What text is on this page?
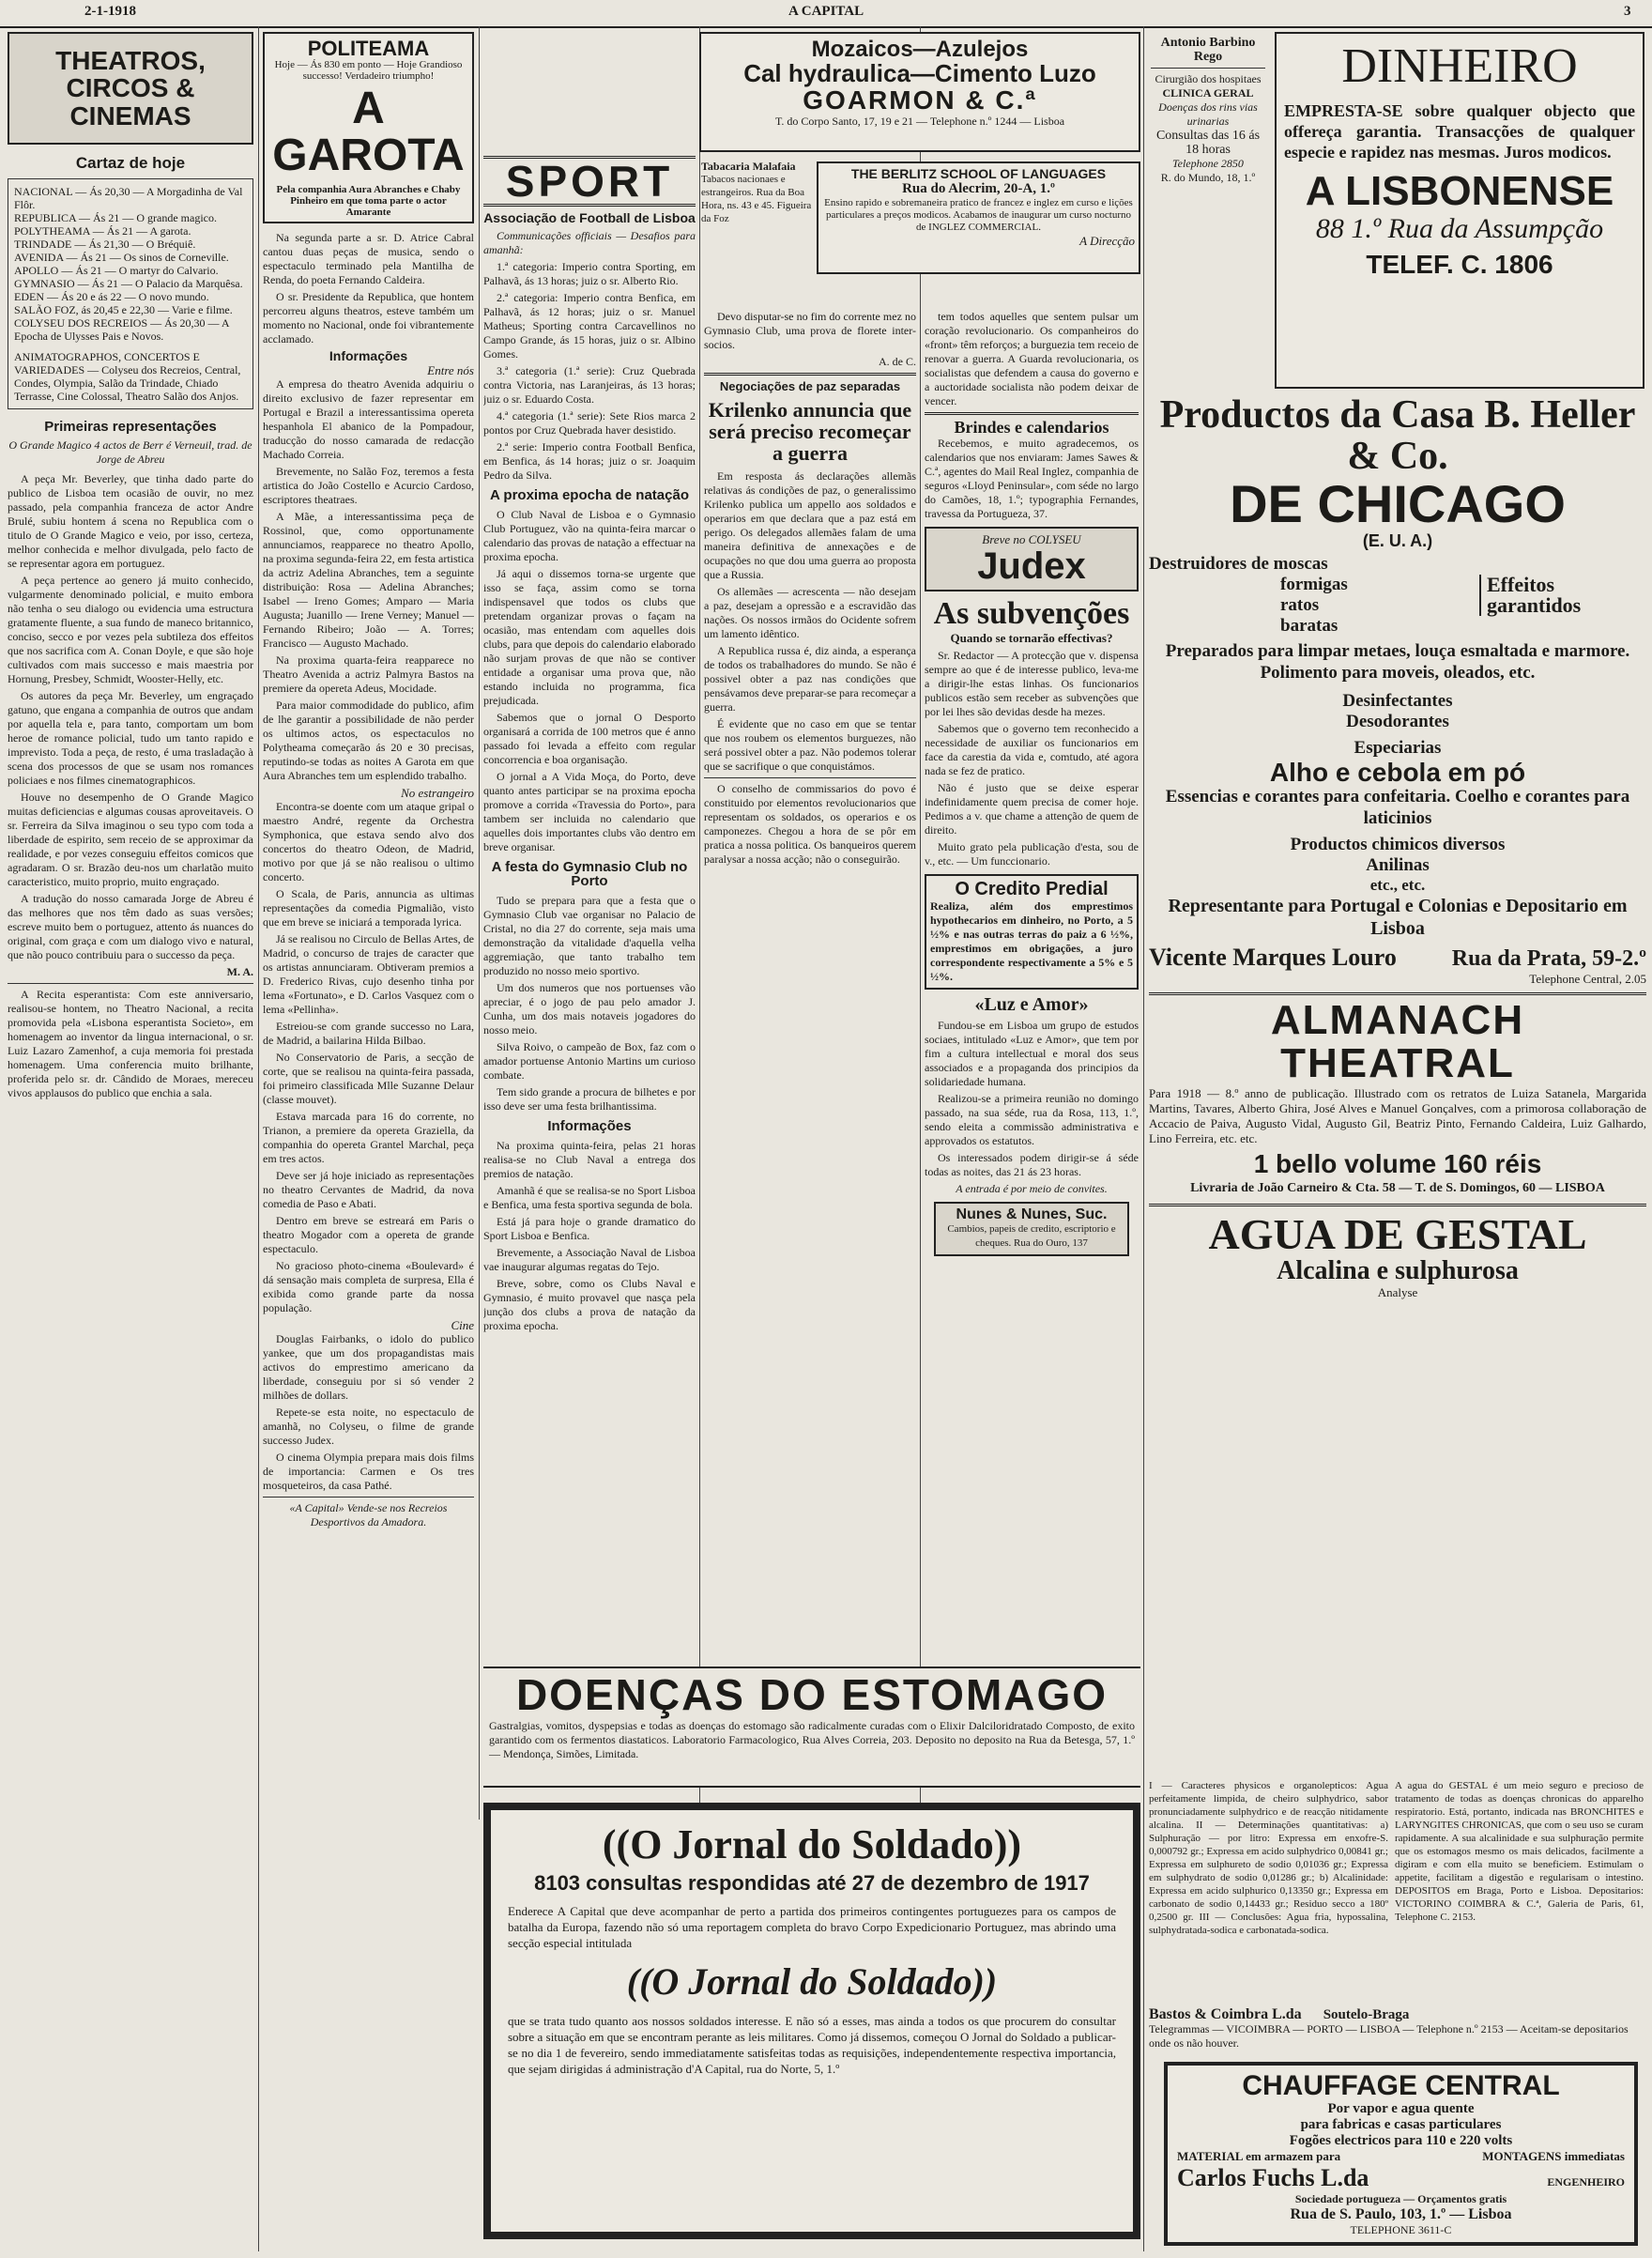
2-1-1918	A CAPITAL	3
THEATROS, CIRCOS & CINEMAS
Cartaz de hoje
NACIONAL — Ás 20,30 — A Morgadinha de Val Flôr.
REPUBLICA — Ás 21 — O grande magico.
POLYTHEAMA — Ás 21 — A garota.
TRINDADE — Ás 21,30 — O Bréquiê.
AVENIDA — Ás 21 — Os sinos de Corneville.
APOLLO — Ás 21 — O martyr do Calvario.
GYMNASIO — Ás 21 — O Palacio da Marquêsa.
EDEN — Ás 20 e ás 22 — O novo mundo.
SALÃO FOZ, ás 20,45 e 22,30 — Varie e filme.
COLYSEU DOS RECREIOS — Ás 20,30 — A Epocha de Ulysses Pais e Novos.
ANIMATOGRAPHOS, CONCERTOS E VARIEDADES — Colyseu dos Recreios, Central, Condes, Olympia, Salão da Trindade, Chiado Terrasse, Cine Colossal, Theatro Salão dos Anjos.
Primeiras representações
O Grande Magico 4 actos de Berr é Verneuil, trad. de Jorge de Abreu

A peça Mr. Beverley, que tinha dado parte do publico de Lisboa tem ocasião de ouvir, no mez passado, pela companhia franceza de actor Andre Brulé, subiu hontem á scena no Republica com o titulo de O Grande Magico e veio, por isso, certeza, melhor conhecida e melhor divulgada, pelo facto de se representar agora em portuguez.

A peça pertence ao genero já muito conhecido, vulgarmente denominado policial, e muito embora não tenha o seu dialogo ou evidencia uma estructura gratamente fluente, a sua fundo de maneco britannico, conciso, secco e por vezes pela subtileza dos effeitos que nos sacrifica com A. Conan Doyle, e que são hoje cultivados com mais successo e mais maestria por Hornung, Presbey, Schmidt, Wooster-Helly, etc.

Os autores da peça Mr. Beverley, um engraçado gatuno, que engana a companhia de outros que andam por aquella tela e, para tanto, comportam um bom heroe de romance policial, tudo um tanto rapido e imprevisto. Toda a peça, de resto, é uma trasladação à scena dos processos de que se usam nos romances policiaes e nos filmes cinematographicos.

Houve no desempenho de O Grande Magico muitas deficiencias e algumas cousas aproveitaveis. O sr. Ferreira da Silva imaginou o seu typo com toda a liberdade de espirito, sem receio de se approximar da realidade, e por vezes conseguiu effeitos comicos que agradaram. O sr. Brazão deu-nos um charlatão muito caracteristico, muito proprio, muito engraçado.

A tradução do nosso camarada Jorge de Abreu é das melhores que nos têm dado as suas versões; escreve muito bem o portuguez, attento ás nuances do original, com graça e com um dialogo vivo e natural, que não pouco contribuiu para o successo da peça.

M. A.

A Recita esperantista: Com este anniversario, realisou-se hontem, no Theatro Nacional, a recita promovida pela «Lisbona esperantista Societo», em homenagem ao inventor da lingua internacional, o sr. Luiz Lazaro Zamenhof, a cuja memoria foi prestada homenagem. Uma conferencia muito brilhante, proferida pelo sr. dr. Cândido de Moraes, mereceu vivos applausos do publico que enchia a sala.

POLITEAMA
Hoje — Ás 830 em ponto — Hoje Grandioso successo! Verdadeiro triumpho!
A GAROTA
Pela companhia Aura Abranches e Chaby Pinheiro em que toma parte o actor Amarante

Na segunda parte a sr. D. Atrice Cabral cantou duas peças de musica, sendo o espectaculo terminado pela Mantilha de Renda, do poeta Fernando Caldeira.

O sr. Presidente da Republica, que hontem percorreu alguns theatros, esteve também um momento no Nacional, onde foi vibrantemente acclamado.

Informações
Entre nós

A empresa do theatro Avenida adquiriu o direito exclusivo de fazer representar em Portugal e Brazil a interessantissima opereta hespanhola El abanico de la Pompadour, traducção do nosso camarada de redacção Machado Correia.

Brevemente, no Salão Foz, teremos a festa artistica do João Costello e Acurcio Cardoso, escriptores theatraes.

A Mãe, a interessantissima peça de Rossinol, que, como opportunamente annunciamos, reapparece no theatro Apollo, na proxima segunda-feira 22, em festa artistica da actriz Adelina Abranches, tem a seguinte distribuição: Rosa — Adelina Abranches; Isabel — Ireno Gomes; Amparo — Maria Augusta; Juanillo — Irene Verney; Manuel — Fernando Ribeiro; João — A. Torres; Francisco — Augusto Machado.

Na proxima quarta-feira reapparece no Theatro Avenida a actriz Palmyra Bastos na premiere da opereta Adeus, Mocidade.

Para maior commodidade do publico, afim de lhe garantir a possibilidade de não perder os ultimos actos, os espectaculos no Polytheama começarão ás 20 e 30 precisas, reputindo-se todas as noites A Garota em que Aura Abranches tem um esplendido trabalho.

No estrangeiro

Encontra-se doente com um ataque gripal o maestro André, regente da Orchestra Symphonica, que estava sendo alvo dos concertos do theatro Odeon, de Madrid, motivo por que já se não realisou o ultimo concerto.

O Scala, de Paris, annuncia as ultimas representações da comedia Pigmalião, visto que em breve se iniciará a temporada lyrica.

Já se realisou no Circulo de Bellas Artes, de Madrid, o concurso de trajes de caracter que os artistas annunciaram. Obtiveram premios a D. Frederico Rivas, cujo desenho tinha por lema «Fortunato», e D. Carlos Vasquez com o lema «Pellinha».

Estreiou-se com grande successo no Lara, de Madrid, a bailarina Hilda Bilbao.

No Conservatorio de Paris, a secção de corte, que se realisou na quinta-feira passada, foi primeiro classificada Mlle Suzanne Delaur (classe mouvet).

Estava marcada para 16 do corrente, no Trianon, a premiere da opereta Graziella, da companhia do opereta Grantel Marchal, peça em tres actos.

Deve ser já hoje iniciado as representações no theatro Cervantes de Madrid, da nova comedia de Paso e Abati.

Dentro em breve se estreará em Paris o theatro Mogador com a opereta de grande espectaculo.

No gracioso photo-cinema «Boulevard» é dá sensação mais completa de surpresa, Ella é exibida como grande parte da nossa população.

Cine

Douglas Fairbanks, o idolo do publico yankee, que um dos propagandistas mais activos do emprestimo americano da liberdade, conseguiu por si só vender 2 milhões de dollars.

Repete-se esta noite, no espectaculo de amanhã, no Colyseu, o filme de grande successo Judex.

O cinema Olympia prepara mais dois films de importancia: Carmen e Os tres mosqueteiros, da casa Pathé.

«A Capital» Vende-se nos Recreios Desportivos da Amadora.
Mozaicos—Azulejos
Cal hydraulica—Cimento Luzo
GOARMON & C.ª
T. do Corpo Santo, 17, 19 e 21 — Telephone n.º 1244 — Lisboa
SPORT
Associação de Football de Lisboa

Communicações officiais — Desafios para amanhã:

1.ª categoria: Imperio contra Sporting, em Palhavã, ás 13 horas; juiz o sr. Alberto Rio.

2.ª categoria: Imperio contra Benfica, em Palhavã, ás 12 horas; juiz o sr. Manuel Matheus; Sporting contra Carcavellinos no Campo Grande, ás 15 horas, juiz o sr. Albino Gomes.

3.ª categoria (1.ª serie): Cruz Quebrada contra Victoria, nas Laranjeiras, ás 13 horas; juiz o sr. Eduardo Costa.

4.ª categoria (1.ª serie): Sete Rios marca 2 pontos por Cruz Quebrada haver desistido.

2.ª serie: Imperio contra Football Benfica, em Benfica, ás 14 horas; juiz o sr. Joaquim Pedro da Silva.

A proxima epocha de natação

O Club Naval de Lisboa e o Gymnasio Club Portuguez, vão na quinta-feira marcar o calendario das provas de natação a effectuar na proxima epocha.

Já aqui o dissemos torna-se urgente que isso se faça, assim como se torna indispensavel que todos os clubs que pretendam organizar provas o façam na ocasião, mas entendam com aquelles dois clubs, para que depois do calendario elaborado não surjam provas de que não se contiver entidade a organisar uma prova que, não estando incluida no programma, fica prejudicada.

Sabemos que o jornal O Desporto organisará a corrida de 100 metros que é anno passado foi levada a effeito com regular concorrencia e boa organisação.

O jornal a A Vida Moça, do Porto, deve quanto antes participar se na proxima epocha promove a corrida «Travessia do Porto», para tambem ser incluida no calendario que aquelles dois importantes clubs vão dentro em breve organisar.

A festa do Gymnasio Club no Porto

Tudo se prepara para que a festa que o Gymnasio Club vae organisar no Palacio de Cristal, no dia 27 do corrente, seja mais uma demonstração da vitalidade d'aquella velha aggremiação, que tanto trabalho tem produzido no nosso meio sportivo.

Um dos numeros que nos portuenses vão apreciar, é o jogo de pau pelo amador J. Cunha, um dos mais notaveis jogadores do nosso meio.

Silva Roivo, o campeão de Box, faz com o amador portuense Antonio Martins um curioso combate.

Tem sido grande a procura de bilhetes e por isso deve ser uma festa brilhantissima.

Informações

Na proxima quinta-feira, pelas 21 horas realisa-se no Club Naval a entrega dos premios de natação.

Amanhã é que se realisa-se no Sport Lisboa e Benfica, uma festa sportiva segunda de bola.

Está já para hoje o grande dramatico do Sport Lisboa e Benfica.

Brevemente, a Associação Naval de Lisboa vae inaugurar algumas regatas do Tejo.

Breve, sobre, como os Clubs Naval e Gymnasio, é muito provavel que nasça pela junção dos clubs a prova de natação da proxima epocha.

Tabacaria Malafaia
Tabacos nacionaes e estrangeiros. Rua da Boa Hora, ns. 43 e 45. Figueira da Foz
THE BERLITZ SCHOOL OF LANGUAGES
Rua do Alecrim, 20-A, 1.º
Ensino rapido e sobremaneira pratico de francez e inglez em curso e lições particulares a preços modicos. Acabamos de inaugurar um curso nocturno de INGLEZ COMMERCIAL.
A Direcção

Devo disputar-se no fim do corrente mez no Gymnasio Club, uma prova de florete inter-socios.

A. de C.
Negociações de paz separadas
Krilenko annuncia que será preciso recomeçar a guerra

Em resposta ás declarações allemãs relativas ás condições de paz, o generalissimo Krilenko publica um appello aos soldados e operarios em que declara que a paz está em perigo. Os delegados allemães falam de uma maneira definitiva de annexações e de ocupações no que dou uma guerra ao proposta que a Russia.

Os allemães — acrescenta — não desejam a paz, desejam a opressão e a escravidão das nações. Os nossos irmãos do Ocidente sofrem um lamento idêntico.

A Republica russa é, diz ainda, a esperança de todos os trabalhadores do mundo. Se não é possivel obter a paz nas condições que pensávamos deve preparar-se para recomeçar a guerra.

É evidente que no caso em que se tentar que nos roubem os elementos burguezes, não será possivel obter a paz. Não podemos tolerar que se sacrifique o que conquistámos.

O conselho de commissarios do povo é constituido por elementos revolucionarios que representam os soldados, os operarios e os camponezes. Chegou a hora de se pôr em pratica a nossa politica. Os banqueiros querem paralysar a nossa acção; não o conseguirão.

tem todos aquelles que sentem pulsar um coração revolucionario. Os companheiros do «front» têm reforços; a burguezia tem receio de renovar a guerra. A Guarda revolucionaria, os socialistas que defendem a causa do governo e a auctoridade socialista não podem deixar de vencer.

Brindes e calendarios

Recebemos, e muito agradecemos, os calendarios que nos enviaram: James Sawes & C.ª, agentes do Mail Real Inglez, companhia de seguros «Lloyd Peninsular», com séde no largo do Camões, 18, 1.º; typographia Fernandes, travessa da Portugueza, 37.

Breve no COLYSEU
Judex
As subvenções
Quando se tornarão effectivas?

Sr. Redactor — A protecção que v. dispensa sempre ao que é de interesse publico, leva-me a dirigir-lhe estas linhas. Os funcionarios publicos estão sem receber as subvenções que por lei lhes são devidas desde ha mezes.

Sabemos que o governo tem reconhecido a necessidade de auxiliar os funcionarios em face da carestia da vida e, comtudo, até agora nada se fez de pratico.

Não é justo que se deixe esperar indefinidamente quem precisa de comer hoje. Pedimos a v. que chame a attenção de quem de direito.

Muito grato pela publicação d'esta, sou de v., etc. — Um funccionario.

O Credito Predial
Realiza, além dos emprestimos hypothecarios em dinheiro, no Porto, a 5 ½% e nas outras terras do paiz a 6 ½%, emprestimos em obrigações, a juro correspondente respectivamente a 5% e 5 ½%.
«Luz e Amor»

Fundou-se em Lisboa um grupo de estudos sociaes, intitulado «Luz e Amor», que tem por fim a cultura intellectual e moral dos seus associados e a propaganda dos principios da solidariedade humana.

Realizou-se a primeira reunião no domingo passado, na sua séde, rua da Rosa, 113, 1.º, sendo eleita a commissão administrativa e approvados os estatutos.

Os interessados podem dirigir-se á séde todas as noites, das 21 ás 23 horas.

A entrada é por meio de convites.
Nunes & Nunes, Suc.
Cambios, papeis de credito, escriptorio e cheques. Rua do Ouro, 137
DOENÇAS DO ESTOMAGO
Gastralgias, vomitos, dyspepsias e todas as doenças do estomago são radicalmente curadas com o Elixir Dalciloridratado Composto, de exito garantido com os fermentos diastaticos. Laboratorio Farmacologico, Rua Alves Correia, 203. Deposito no deposito na Rua da Betesga, 57, 1.º — Mendonça, Simões, Limitada.
((O Jornal do Soldado))
8103 consultas respondidas até 27 de dezembro de 1917
Enderece A Capital que deve acompanhar de perto a partida dos primeiros contingentes portuguezes para os campos de batalha da Europa, fazendo não só uma reportagem completa do bravo Corpo Expedicionario Portuguez, mas abrindo uma secção especial intitulada
((O Jornal do Soldado))
que se trata tudo quanto aos nossos soldados interesse. E não só a esses, mas ainda a todos os que procurem do consultar sobre a situação em que se encontram perante as leis militares. Como já dissemos, começou O Jornal do Soldado a publicar-se no dia 1 de fevereiro, sendo immediatamente satisfeitas todas as requisições, independentemente respectiva importancia, que sejam dirigidas á administração d'A Capital, rua do Norte, 5, 1.º
Antonio Barbino Rego
Cirurgião dos hospitaes
CLINICA GERAL
Doenças dos rins vias urinarias
Consultas das 16 ás 18 horas
Telephone 2850
R. do Mundo, 18, 1.º
DINHEIRO
EMPRESTA-SE sobre qualquer objecto que offereça garantia. Transacções de qualquer especie e rapidez nas mesmas. Juros modicos.
A LISBONENSE
88 1.º Rua da Assumpção
TELEF. C. 1806
Productos da Casa B. Heller & Co.
DE CHICAGO
(E. U. A.)
Destruidores de moscas
formigas
ratos
baratas
Effeitos garantidos
Preparados para limpar metaes, louça esmaltada e marmore. Polimento para moveis, oleados, etc.
Desinfectantes
Desodorantes
Especiarias
Alho e cebola em pó
Essencias e corantes para confeitaria. Coelho e corantes para laticinios
Productos chimicos diversos
Anilinas
etc., etc.
Representante para Portugal e Colonias e Depositario em Lisboa
Vicente Marques Louro Rua da Prata, 59-2.º
Telephone Central, 2.05
ALMANACH THEATRAL
Para 1918 — 8.º anno de publicação. Illustrado com os retratos de Luiza Satanela, Margarida Martins, Tavares, Alberto Ghira, José Alves e Manuel Gonçalves, com a primorosa collaboração de Accacio de Paiva, Augusto Vidal, Augusto Gil, Beatriz Pinto, Fernando Caldeira, Luiz Galhardo, Lino Ferreira, etc. etc.
1 bello volume 160 réis
Livraria de João Carneiro & Cta. 58 — T. de S. Domingos, 60 — LISBOA
AGUA DE GESTAL
Alcalina e sulphurosa
Analyse
I — Caracteres physicos e organolepticos: Agua perfeitamente limpida, de cheiro sulphydrico, sabor pronunciadamente sulphydrico e de reacção nitidamente alcalina. II — Determinações quantitativas: a) Sulphuração — por litro: Expressa em enxofre-S. 0,000792 gr.; Expressa em acido sulphydrico 0,00841 gr.; Expressa em sulphureto de sodio 0,01036 gr.; Expressa em sulphydrato de sodio 0,01286 gr.; b) Alcalinidade: Expressa em acido sulphurico 0,13350 gr.; Expressa em carbonato de sodio 0,14433 gr.; Residuo secco a 180º 0,2500 gr. III — Conclusões: Agua fria, hypossalina, sulphydratada-sodica e carbonatada-sodica.
A agua do GESTAL é um meio seguro e precioso de tratamento de todas as doenças chronicas do apparelho respiratorio. Está, portanto, indicada nas BRONCHITES e LARYNGITES CHRONICAS, que com o seu uso se curam rapidamente. A sua alcalinidade e sua sulphuração permite que os estomagos mesmo os mais delicados, facilmente a digiram e com ella muito se beneficiem. Estimulam o appetite, facilitam a digestão e regularisam o intestino. DEPOSITOS em Braga, Porto e Lisboa. Depositarios: VICTORINO COIMBRA & C.ª, Galeria de Paris, 61, Telephone C. 2153.
Bastos & Coimbra L.da Soutelo-Braga
Telegrammas — VICOIMBRA — PORTO — LISBOA — Telephone n.º 2153 — Aceitam-se depositarios onde os não houver.
CHAUFFAGE CENTRAL
Por vapor e agua quente
para fabricas e casas particulares
Fogões electricos para 110 e 220 volts
MATERIAL em armazem para	MONTAGENS immediatas
Carlos Fuchs L.da	ENGENHEIRO
Sociedade portugueza — Orçamentos gratis
Rua de S. Paulo, 103, 1.º — Lisboa
TELEPHONE 3611-C
